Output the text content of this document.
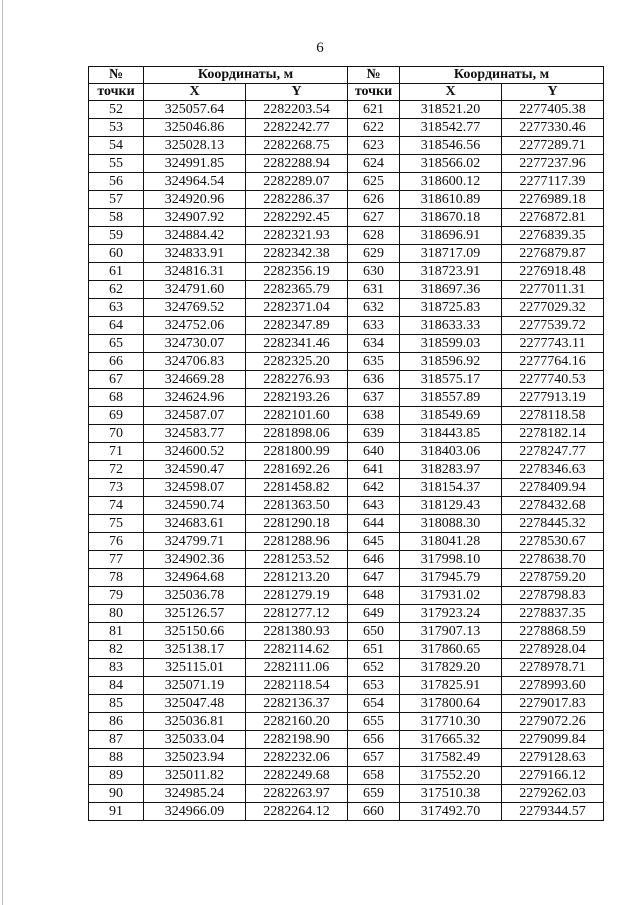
6
№	Координаты, м		№	Координаты, м	
точки	X	Y	точки	X	Y
52	325057.64	2282203.54	621	318521.20	2277405.38
53	325046.86	2282242.77	622	318542.77	2277330.46
54	325028.13	2282268.75	623	318546.56	2277289.71
55	324991.85	2282288.94	624	318566.02	2277237.96
56	324964.54	2282289.07	625	318600.12	2277117.39
57	324920.96	2282286.37	626	318610.89	2276989.18
58	324907.92	2282292.45	627	318670.18	2276872.81
59	324884.42	2282321.93	628	318696.91	2276839.35
60	324833.91	2282342.38	629	318717.09	2276879.87
61	324816.31	2282356.19	630	318723.91	2276918.48
62	324791.60	2282365.79	631	318697.36	2277011.31
63	324769.52	2282371.04	632	318725.83	2277029.32
64	324752.06	2282347.89	633	318633.33	2277539.72
65	324730.07	2282341.46	634	318599.03	2277743.11
66	324706.83	2282325.20	635	318596.92	2277764.16
67	324669.28	2282276.93	636	318575.17	2277740.53
68	324624.96	2282193.26	637	318557.89	2277913.19
69	324587.07	2282101.60	638	318549.69	2278118.58
70	324583.77	2281898.06	639	318443.85	2278182.14
71	324600.52	2281800.99	640	318403.06	2278247.77
72	324590.47	2281692.26	641	318283.97	2278346.63
73	324598.07	2281458.82	642	318154.37	2278409.94
74	324590.74	2281363.50	643	318129.43	2278432.68
75	324683.61	2281290.18	644	318088.30	2278445.32
76	324799.71	2281288.96	645	318041.28	2278530.67
77	324902.36	2281253.52	646	317998.10	2278638.70
78	324964.68	2281213.20	647	317945.79	2278759.20
79	325036.78	2281279.19	648	317931.02	2278798.83
80	325126.57	2281277.12	649	317923.24	2278837.35
81	325150.66	2281380.93	650	317907.13	2278868.59
82	325138.17	2282114.62	651	317860.65	2278928.04
83	325115.01	2282111.06	652	317829.20	2278978.71
84	325071.19	2282118.54	653	317825.91	2278993.60
85	325047.48	2282136.37	654	317800.64	2279017.83
86	325036.81	2282160.20	655	317710.30	2279072.26
87	325033.04	2282198.90	656	317665.32	2279099.84
88	325023.94	2282232.06	657	317582.49	2279128.63
89	325011.82	2282249.68	658	317552.20	2279166.12
90	324985.24	2282263.97	659	317510.38	2279262.03
91	324966.09	2282264.12	660	317492.70	2279344.57
